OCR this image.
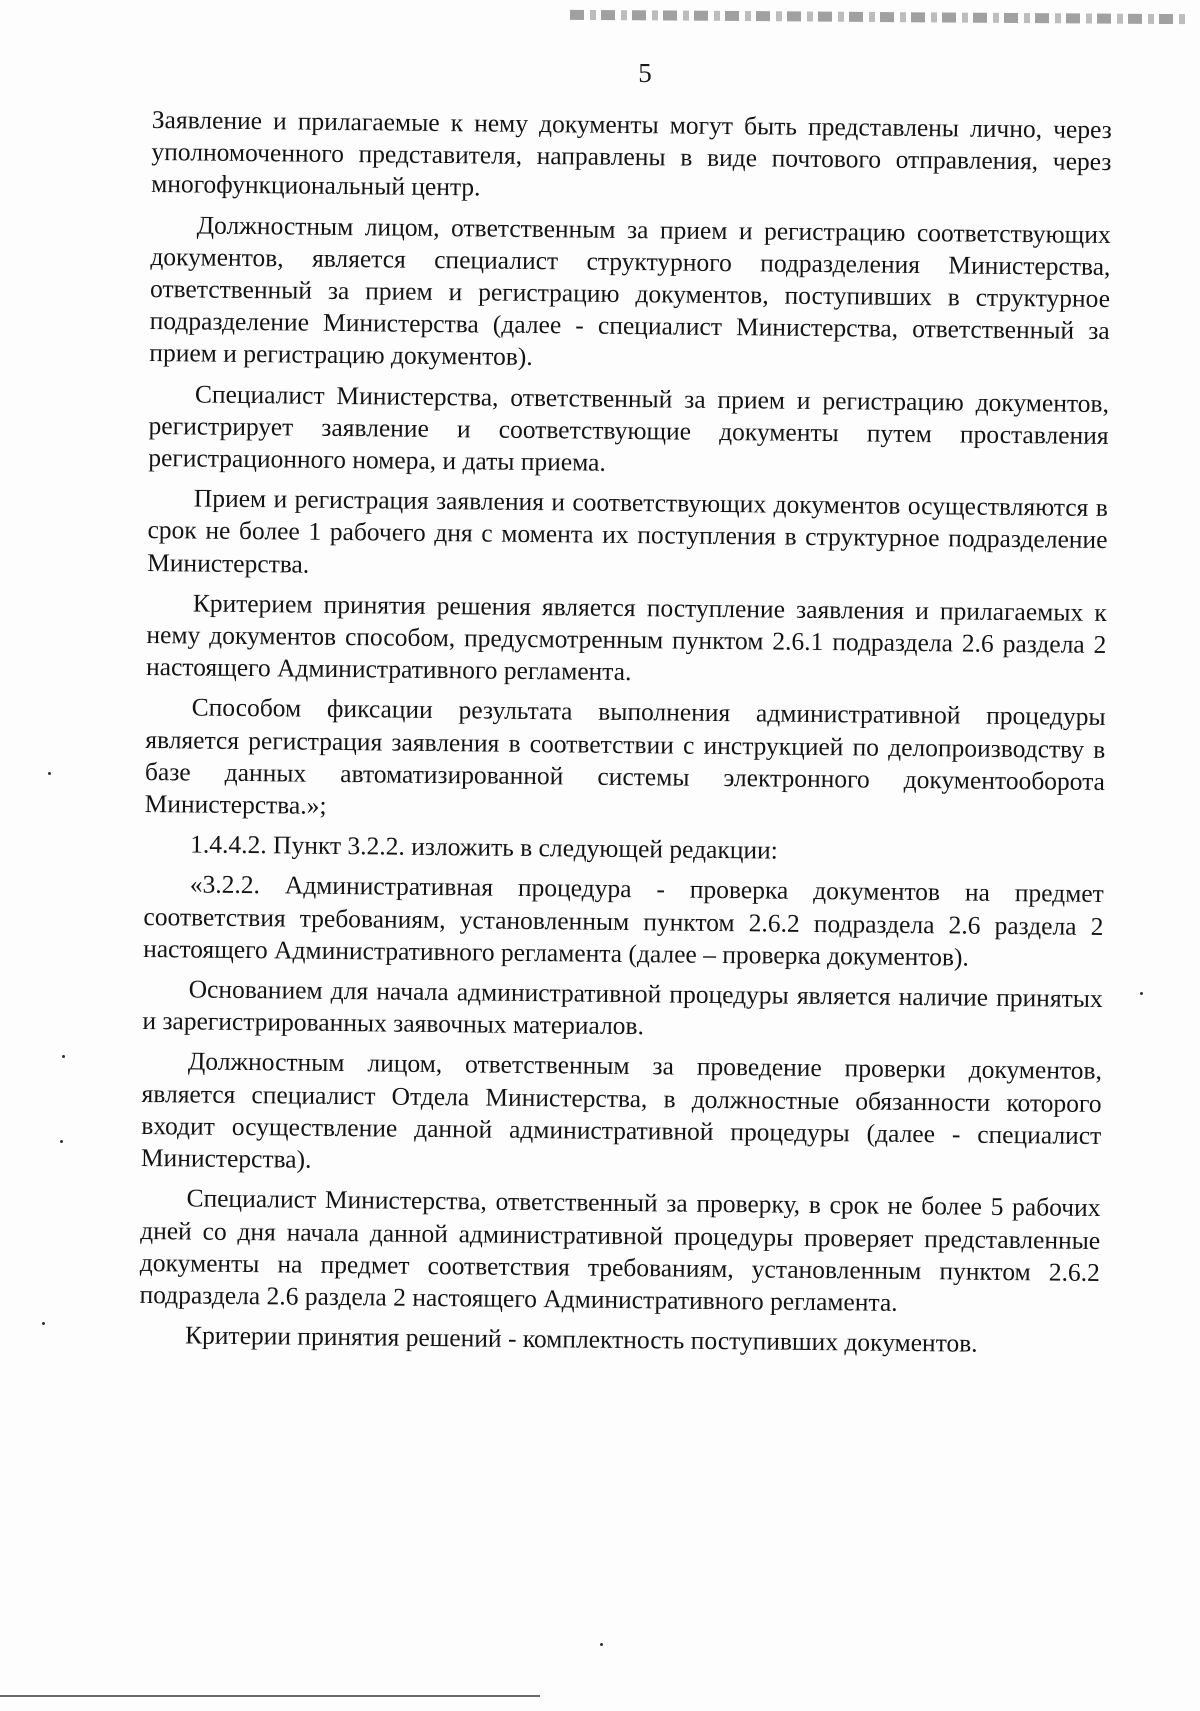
5

Заявление и прилагаемые к нему документы могут быть представлены лично, через уполномоченного представителя, направлены в виде почтового отправления, через многофункциональный центр.

Должностным лицом, ответственным за прием и регистрацию соответствующих документов, является специалист структурного подразделения Министерства, ответственный за прием и регистрацию документов, поступивших в структурное подразделение Министерства (далее - специалист Министерства, ответственный за прием и регистрацию документов).

Специалист Министерства, ответственный за прием и регистрацию документов, регистрирует заявление и соответствующие документы путем проставления регистрационного номера, и даты приема.

Прием и регистрация заявления и соответствующих документов осуществляются в срок не более 1 рабочего дня с момента их поступления в структурное подразделение Министерства.

Критерием принятия решения является поступление заявления и прилагаемых к нему документов способом, предусмотренным пунктом 2.6.1 подраздела 2.6 раздела 2 настоящего Административного регламента.

Способом фиксации результата выполнения административной процедуры является регистрация заявления в соответствии с инструкцией по делопроизводству в базе данных автоматизированной системы электронного документооборота Министерства.»;

1.4.4.2. Пункт 3.2.2. изложить в следующей редакции:

«3.2.2. Административная процедура - проверка документов на предмет соответствия требованиям, установленным пунктом 2.6.2 подраздела 2.6 раздела 2 настоящего Административного регламента (далее – проверка документов).

Основанием для начала административной процедуры является наличие принятых и зарегистрированных заявочных материалов.

Должностным лицом, ответственным за проведение проверки документов, является специалист Отдела Министерства, в должностные обязанности которого входит осуществление данной административной процедуры (далее - специалист Министерства).

Специалист Министерства, ответственный за проверку, в срок не более 5 рабочих дней со дня начала данной административной процедуры проверяет представленные документы на предмет соответствия требованиям, установленным пунктом 2.6.2 подраздела 2.6 раздела 2 настоящего Административного регламента.

Критерии принятия решений - комплектность поступивших документов.
